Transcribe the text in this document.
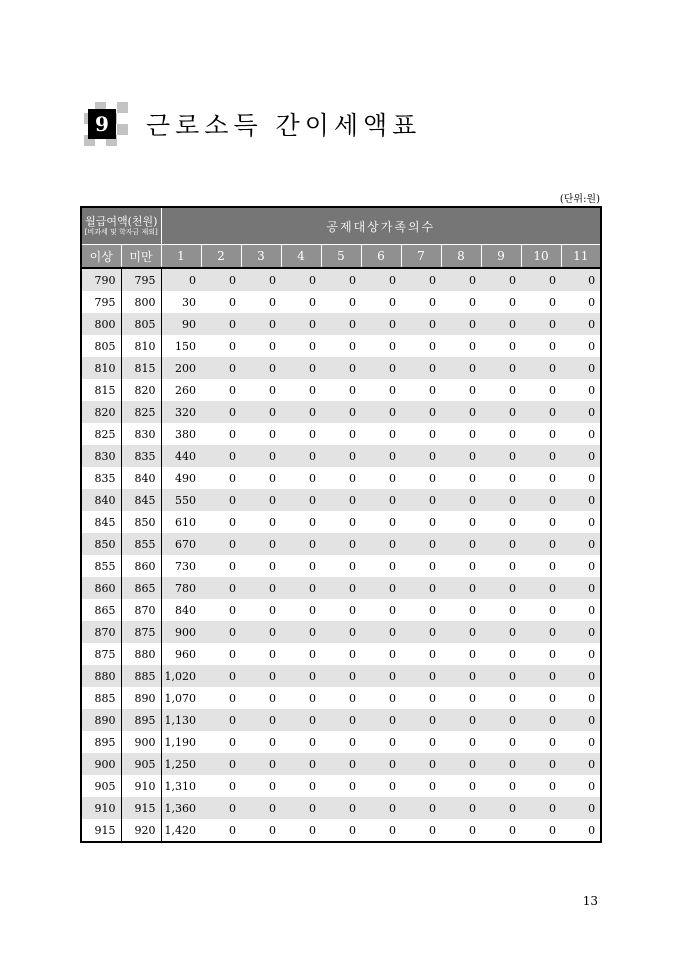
9 근로소득 간이세액표
(단위:원)
월급여액(천원)
[비과세 및 학자금 제외]		공제대상가족의수										

이상	미만	1	2	3	4	5	6	7	8	9	10	11
790	795	0	0	0	0	0	0	0	0	0	0	0
795	800	30	0	0	0	0	0	0	0	0	0	0
800	805	90	0	0	0	0	0	0	0	0	0	0
805	810	150	0	0	0	0	0	0	0	0	0	0
810	815	200	0	0	0	0	0	0	0	0	0	0
815	820	260	0	0	0	0	0	0	0	0	0	0
820	825	320	0	0	0	0	0	0	0	0	0	0
825	830	380	0	0	0	0	0	0	0	0	0	0
830	835	440	0	0	0	0	0	0	0	0	0	0
835	840	490	0	0	0	0	0	0	0	0	0	0
840	845	550	0	0	0	0	0	0	0	0	0	0
845	850	610	0	0	0	0	0	0	0	0	0	0
850	855	670	0	0	0	0	0	0	0	0	0	0
855	860	730	0	0	0	0	0	0	0	0	0	0
860	865	780	0	0	0	0	0	0	0	0	0	0
865	870	840	0	0	0	0	0	0	0	0	0	0
870	875	900	0	0	0	0	0	0	0	0	0	0
875	880	960	0	0	0	0	0	0	0	0	0	0
880	885	1,020	0	0	0	0	0	0	0	0	0	0
885	890	1,070	0	0	0	0	0	0	0	0	0	0
890	895	1,130	0	0	0	0	0	0	0	0	0	0
895	900	1,190	0	0	0	0	0	0	0	0	0	0
900	905	1,250	0	0	0	0	0	0	0	0	0	0
905	910	1,310	0	0	0	0	0	0	0	0	0	0
910	915	1,360	0	0	0	0	0	0	0	0	0	0
915	920	1,420	0	0	0	0	0	0	0	0	0	0
13
